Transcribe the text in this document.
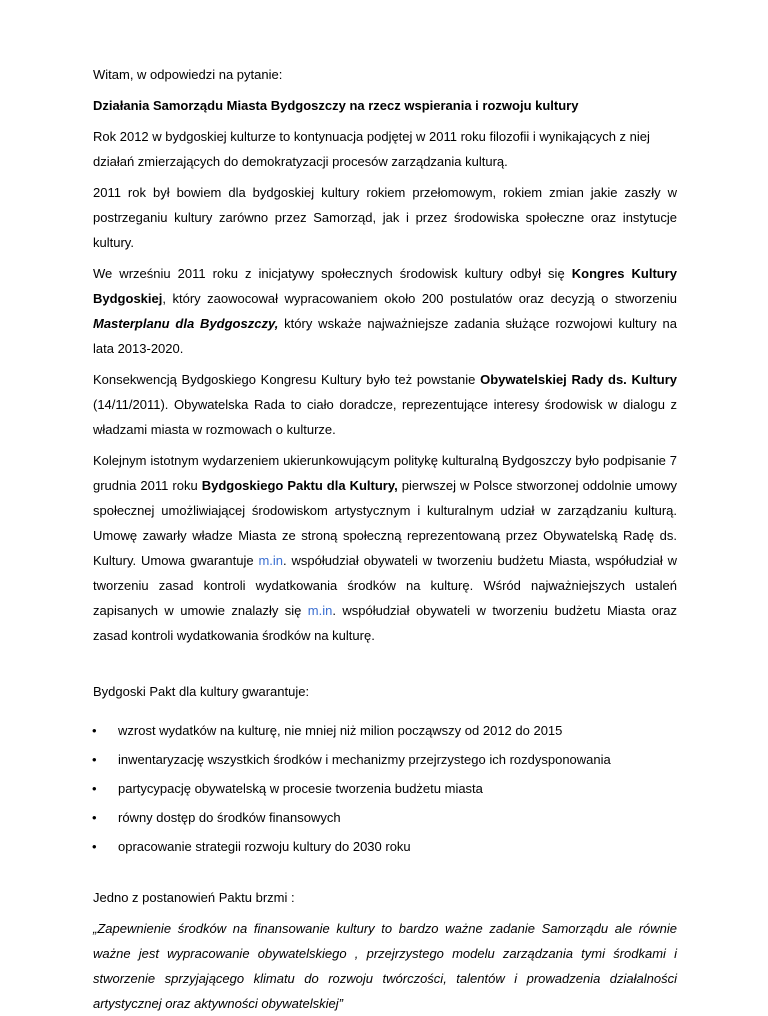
Witam, w odpowiedzi na pytanie:

Działania Samorządu Miasta Bydgoszczy na rzecz wspierania i rozwoju kultury

Rok 2012 w bydgoskiej kulturze to kontynuacja podjętej w 2011 roku filozofii i wynikających z niej
działań zmierzających do demokratyzacji procesów zarządzania kulturą.

2011 rok był bowiem dla bydgoskiej kultury rokiem przełomowym, rokiem zmian jakie zaszły w postrzeganiu kultury zarówno przez Samorząd, jak i przez środowiska społeczne oraz instytucje kultury.

We wrześniu 2011 roku z inicjatywy społecznych środowisk kultury odbył się Kongres Kultury Bydgoskiej, który zaowocował wypracowaniem około 200 postulatów oraz decyzją o stworzeniu Masterplanu dla Bydgoszczy, który wskaże najważniejsze zadania służące rozwojowi kultury na lata 2013-2020.

Konsekwencją Bydgoskiego Kongresu Kultury było też powstanie Obywatelskiej Rady ds. Kultury (14/11/2011). Obywatelska Rada to ciało doradcze, reprezentujące interesy środowisk w dialogu z władzami miasta w rozmowach o kulturze.

Kolejnym istotnym wydarzeniem ukierunkowującym politykę kulturalną Bydgoszczy było podpisanie 7 grudnia 2011 roku Bydgoskiego Paktu dla Kultury, pierwszej w Polsce stworzonej oddolnie umowy społecznej umożliwiającej środowiskom artystycznym i kulturalnym udział w zarządzaniu kulturą. Umowę zawarły władze Miasta ze stroną społeczną reprezentowaną przez Obywatelską Radę ds. Kultury. Umowa gwarantuje m.in. współudział obywateli w tworzeniu budżetu Miasta, współudział w tworzeniu zasad kontroli wydatkowania środków na kulturę. Wśród najważniejszych ustaleń zapisanych w umowie znalazły się m.in. współudział obywateli w tworzeniu budżetu Miasta oraz zasad kontroli wydatkowania środków na kulturę.

Bydgoski Pakt dla kultury gwarantuje:

• wzrost wydatków na kulturę, nie mniej niż milion począwszy od 2012 do 2015
• inwentaryzację wszystkich środków i mechanizmy przejrzystego ich rozdysponowania
• partycypację obywatelską w procesie tworzenia budżetu miasta
• równy dostęp do środków finansowych
• opracowanie strategii rozwoju kultury do 2030 roku

Jedno z postanowień Paktu brzmi :

„Zapewnienie środków na finansowanie kultury to bardzo ważne zadanie Samorządu ale równie ważne jest wypracowanie obywatelskiego , przejrzystego modelu zarządzania tymi środkami i stworzenie sprzyjającego klimatu do rozwoju twórczości, talentów i prowadzenia działalności artystycznej oraz aktywności obywatelskiej”
